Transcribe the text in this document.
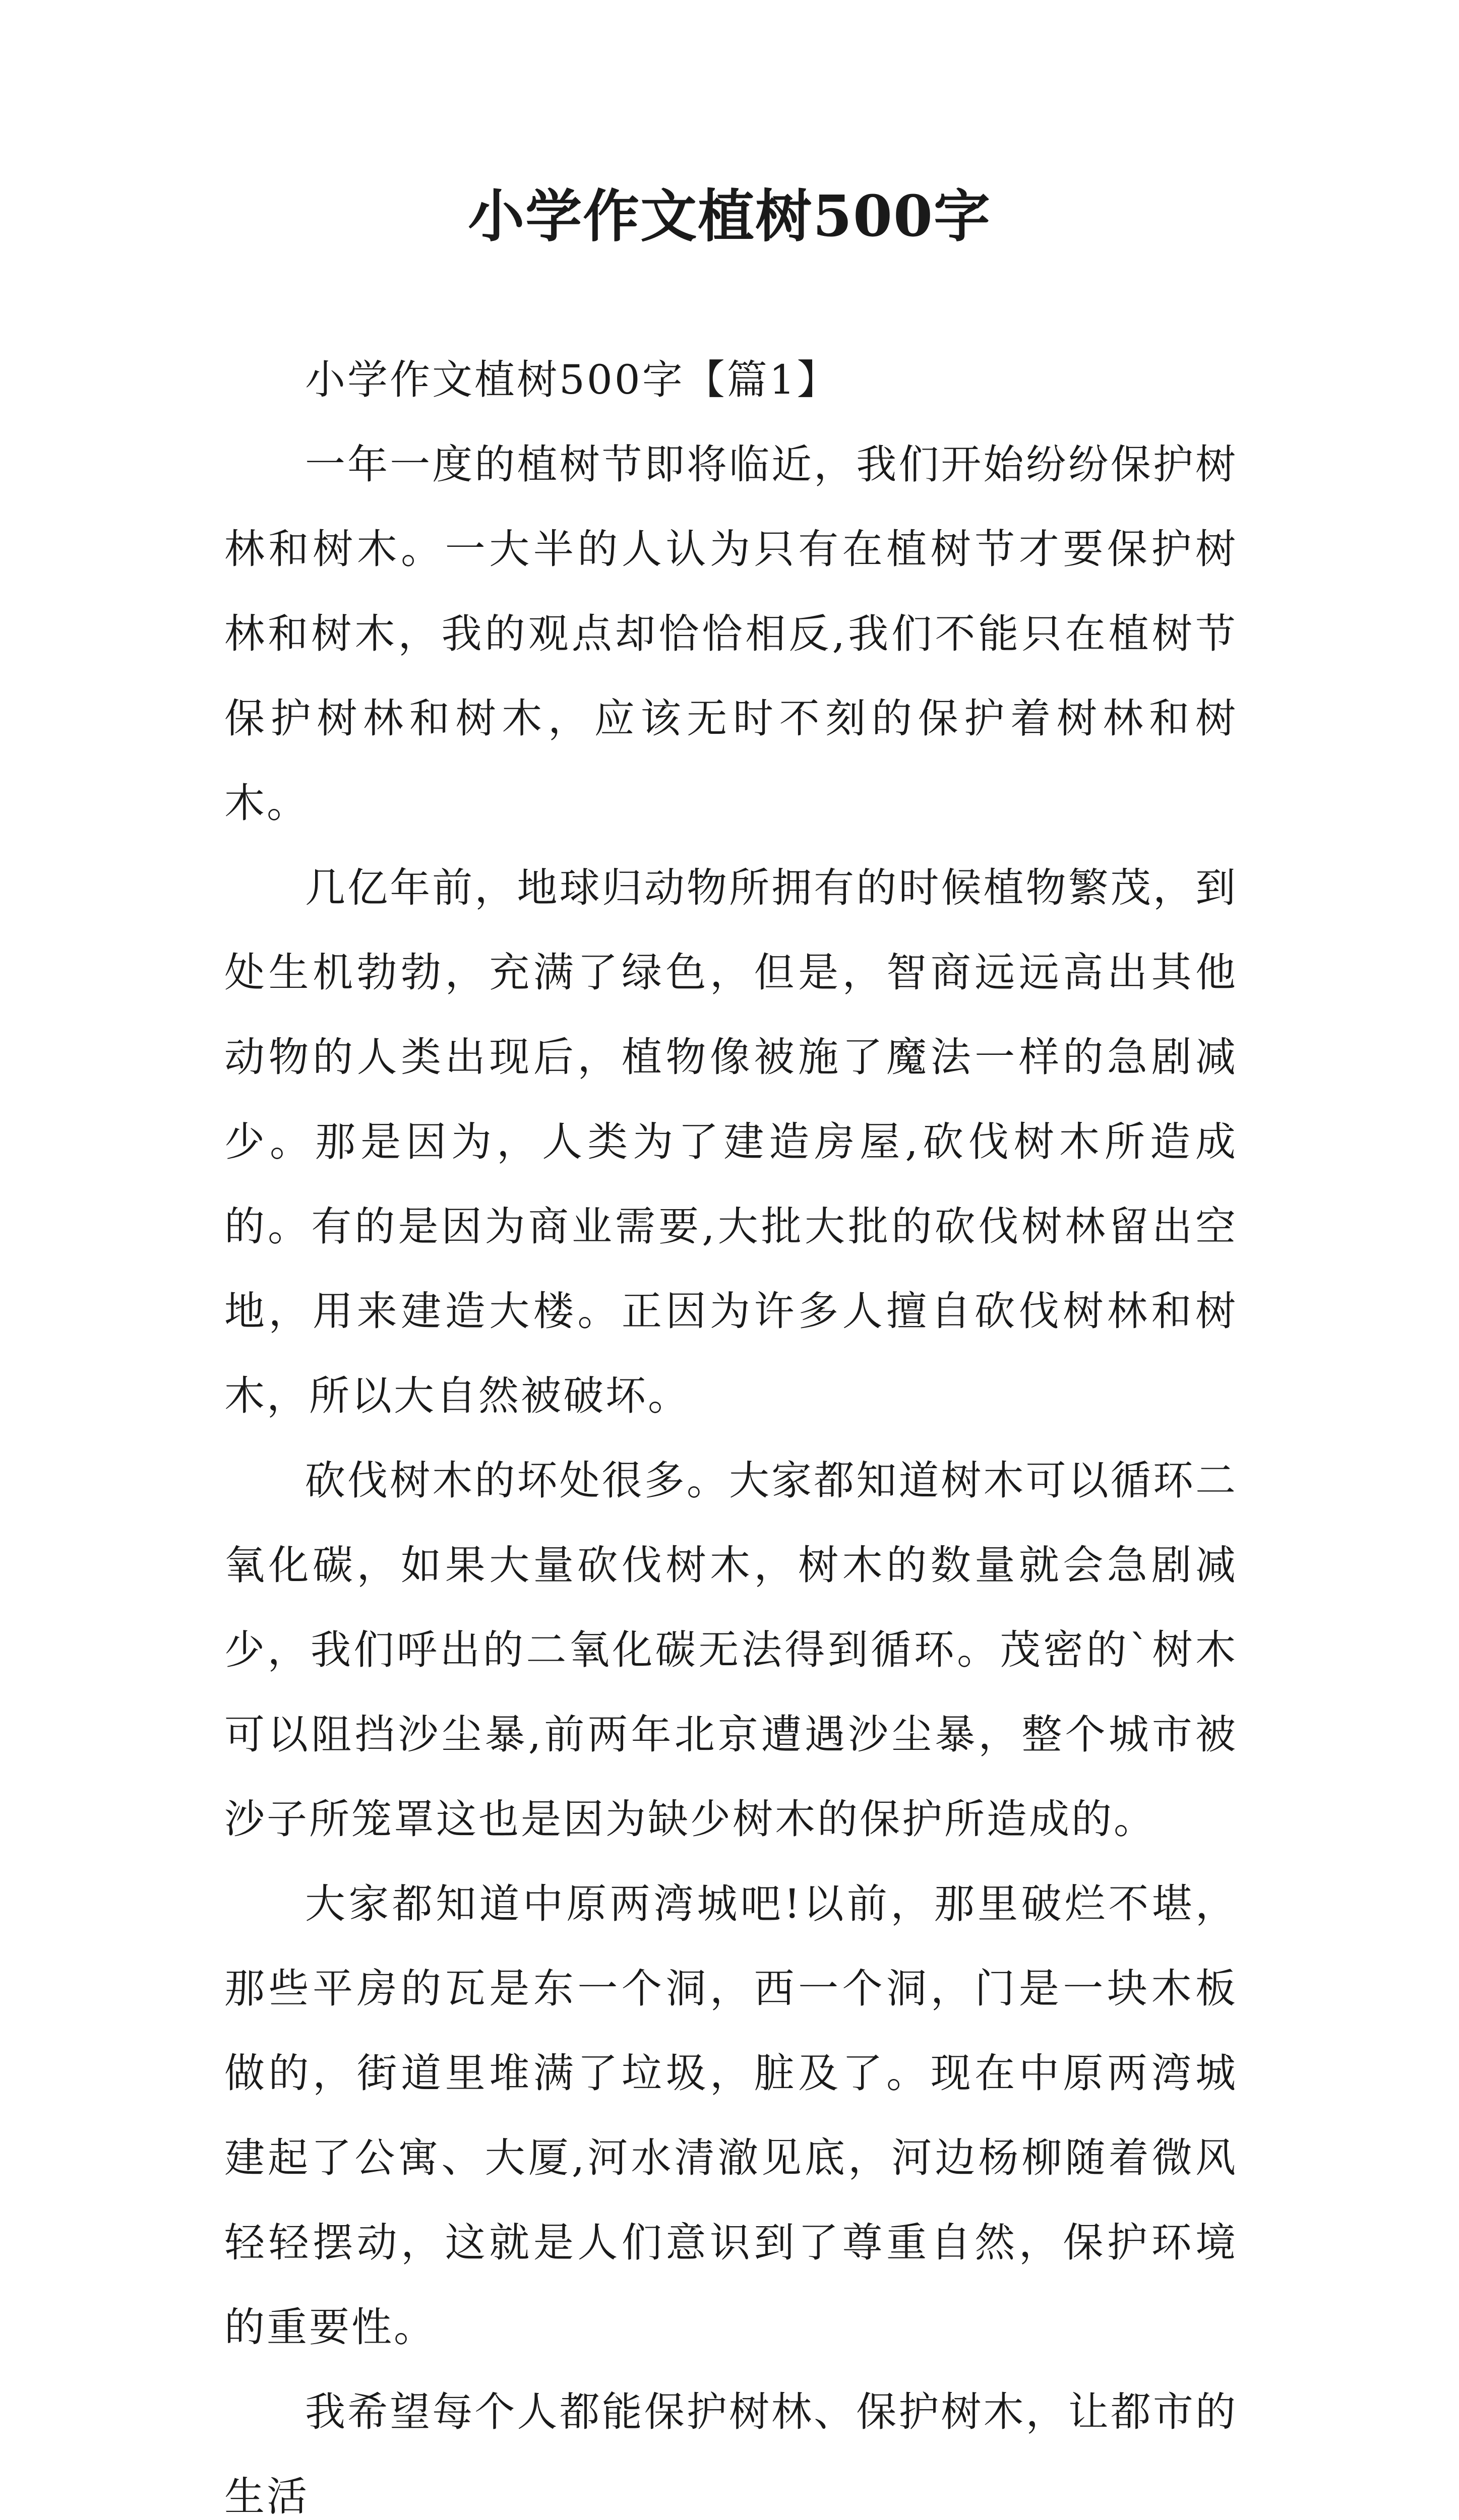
小学作文植树500字

小学作文植树500字【篇1】

一年一度的植树节即将临近，我们开始纷纷保护树林和树木。一大半的人认为只有在植树节才要保护树林和树木，我的观点却恰恰相反,我们不能只在植树节保护树林和树木，应该无时不刻的保护着树林和树木。

几亿年前，地球归动物所拥有的时候植物繁茂，到处生机勃勃，充满了绿色，但是，智商远远高出其他动物的人类出现后，植物像被施了魔法一样的急剧减少。那是因为，人类为了建造房屋,砍伐树木所造成的。有的是因为商业需要,大批大批的砍伐树林留出空地，用来建造大楼。正因为许多人擅自砍伐树林和树木，所以大自然被破坏。

砍伐树木的坏处很多。大家都知道树木可以循环二氧化碳，如果大量砍伐树木，树木的数量就会急剧减少，我们呼出的二氧化碳无法得到循环。茂密的`树木可以阻挡沙尘暴,前两年北京遭遇沙尘暴，整个城市被沙子所笼罩这也是因为缺少树木的保护所造成的。

大家都知道中原两湾城吧!以前，那里破烂不堪，那些平房的瓦是东一个洞，西一个洞，门是一块木板做的，街道里堆满了垃圾，脏及了。现在中原两湾城建起了公寓、大厦,河水清澈见底，河边杨柳随着微风轻轻摆动，这就是人们意识到了尊重自然，保护环境的重要性。

我希望每个人都能保护树林、保护树木，让都市的生活
